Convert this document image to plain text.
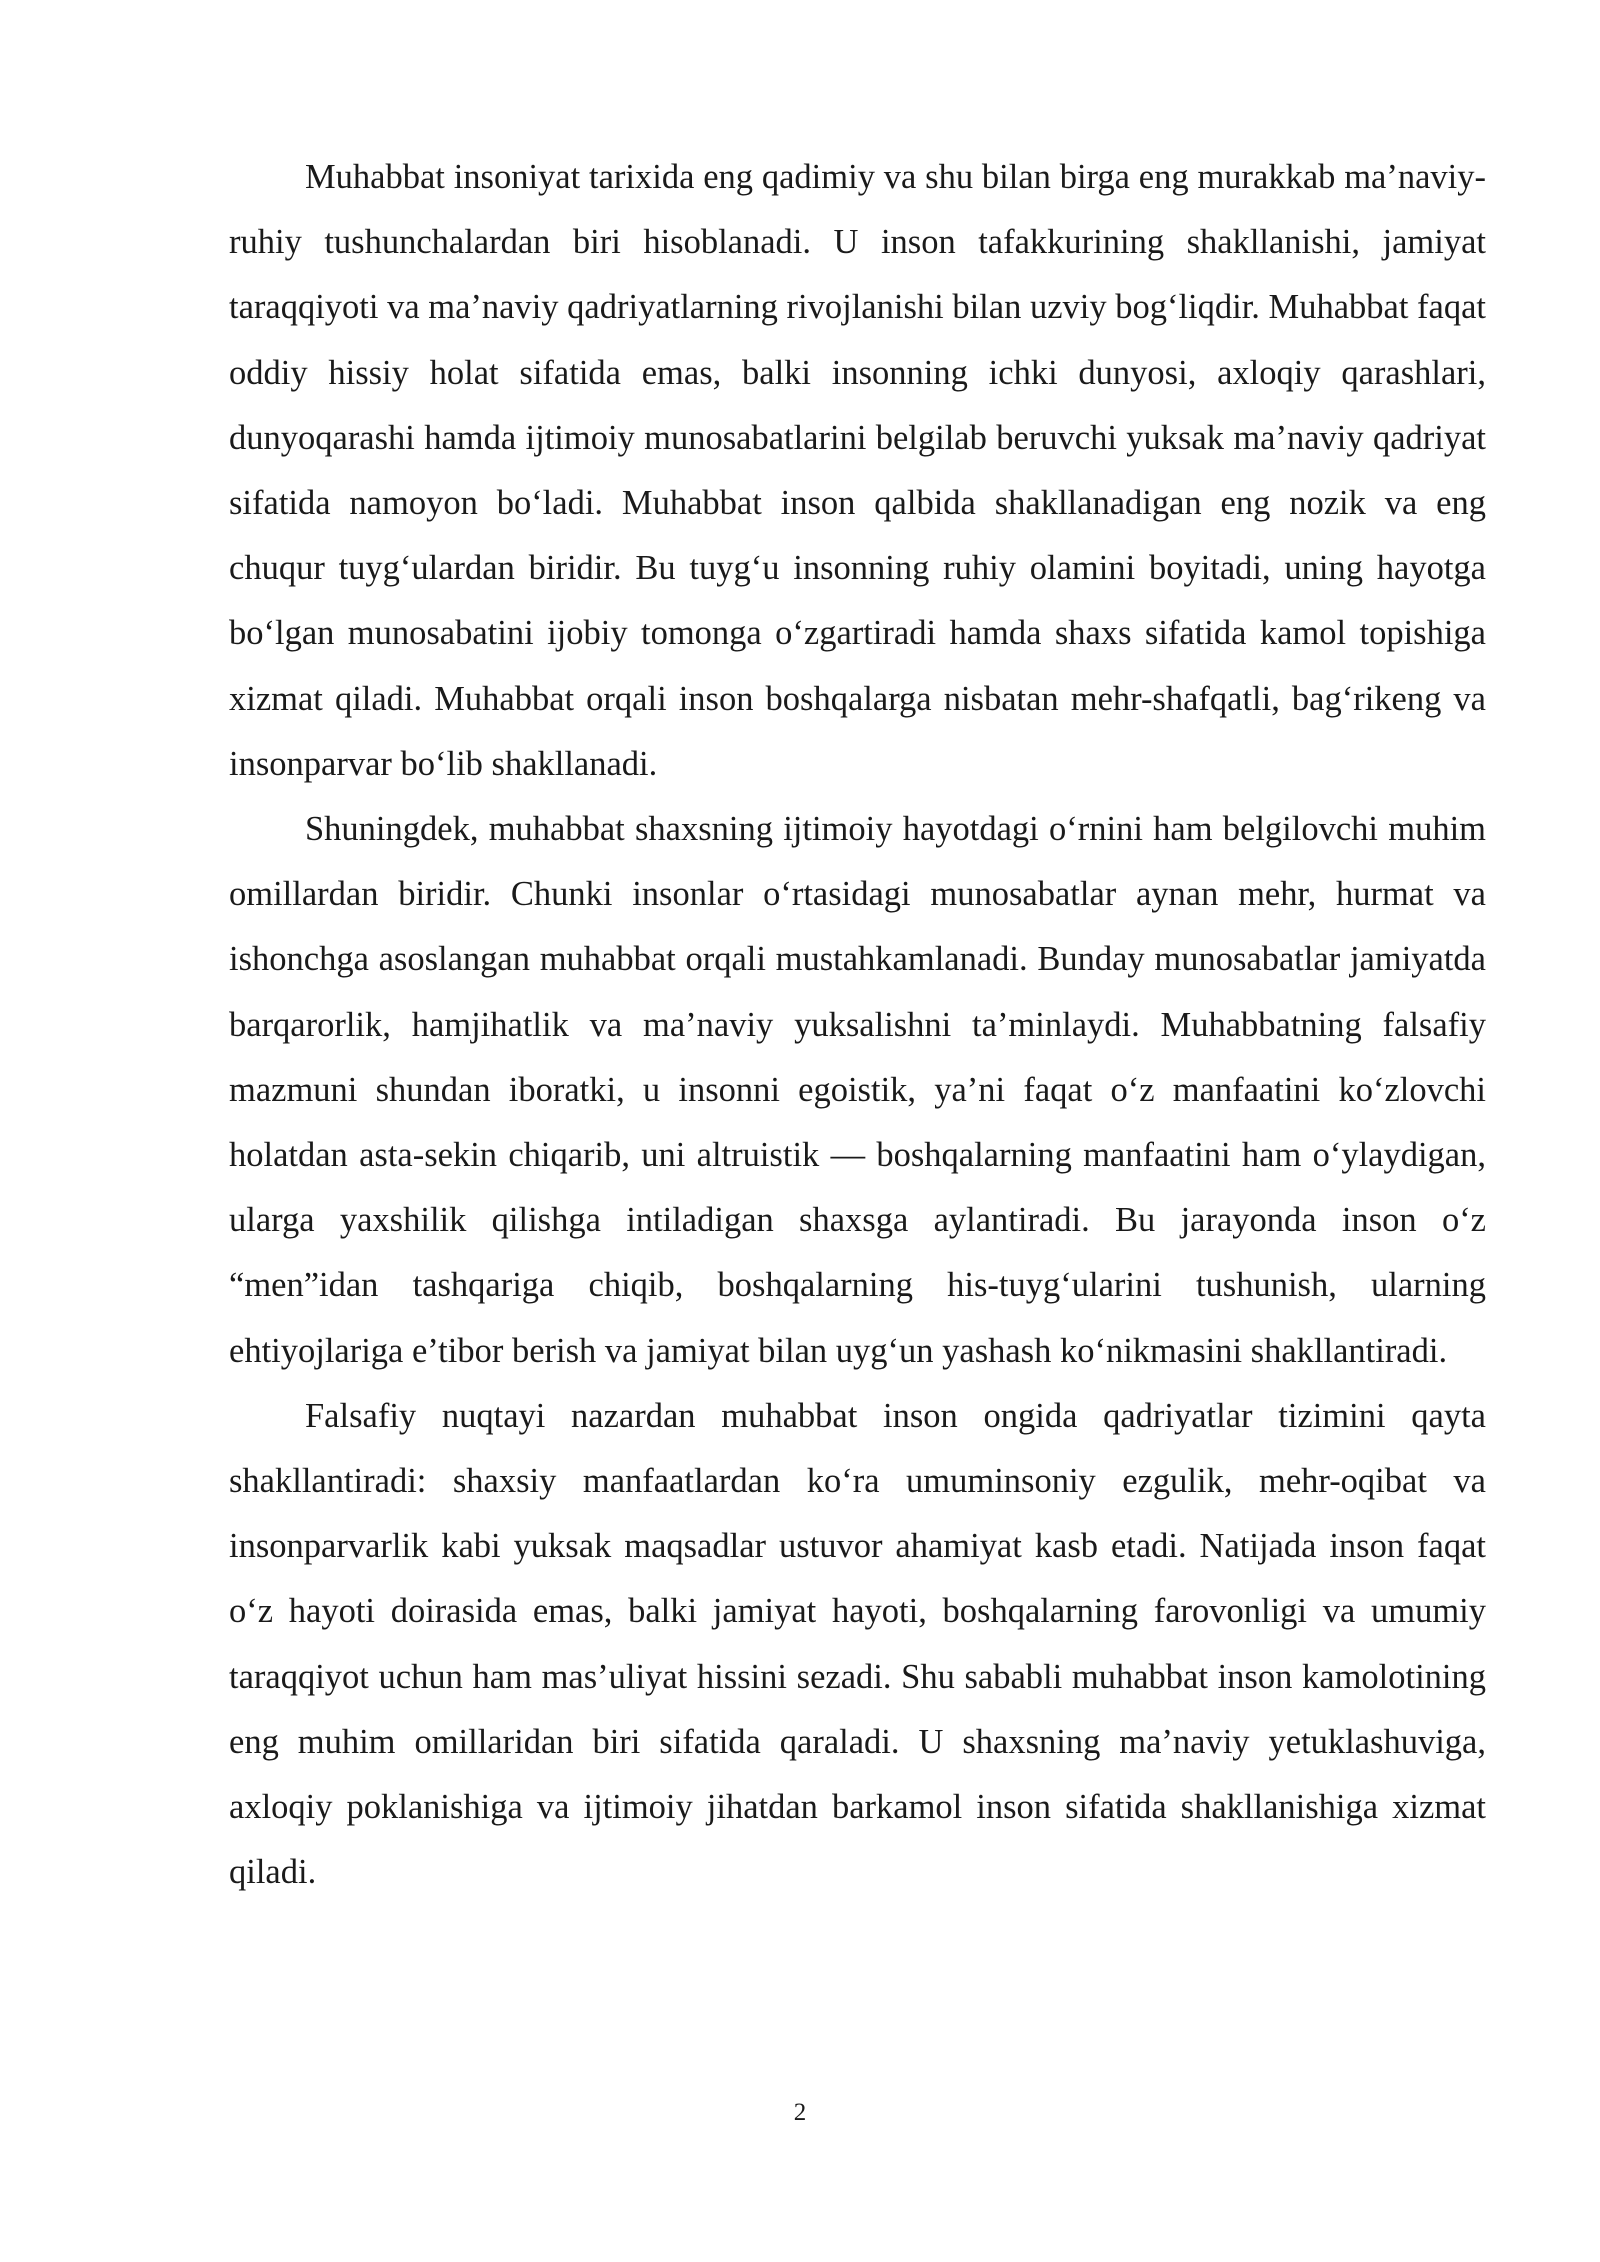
Muhabbat insoniyat tarixida eng qadimiy va shu bilan birga eng murakkab ma’naviy-ruhiy tushunchalardan biri hisoblanadi. U inson tafakkurining shakllanishi, jamiyat taraqqiyoti va ma’naviy qadriyatlarning rivojlanishi bilan uzviy bog‘liqdir. Muhabbat faqat oddiy hissiy holat sifatida emas, balki insonning ichki dunyosi, axloqiy qarashlari, dunyoqarashi hamda ijtimoiy munosabatlarini belgilab beruvchi yuksak ma’naviy qadriyat sifatida namoyon bo‘ladi. Muhabbat inson qalbida shakllanadigan eng nozik va eng chuqur tuyg‘ulardan biridir. Bu tuyg‘u insonning ruhiy olamini boyitadi, uning hayotga bo‘lgan munosabatini ijobiy tomonga o‘zgartiradi hamda shaxs sifatida kamol topishiga xizmat qiladi. Muhabbat orqali inson boshqalarga nisbatan mehr-shafqatli, bag‘rikeng va insonparvar bo‘lib shakllanadi.

Shuningdek, muhabbat shaxsning ijtimoiy hayotdagi o‘rnini ham belgilovchi muhim omillardan biridir. Chunki insonlar o‘rtasidagi munosabatlar aynan mehr, hurmat va ishonchga asoslangan muhabbat orqali mustahkamlanadi. Bunday munosabatlar jamiyatda barqarorlik, hamjihatlik va ma’naviy yuksalishni ta’minlaydi. Muhabbatning falsafiy mazmuni shundan iboratki, u insonni egoistik, ya’ni faqat o‘z manfaatini ko‘zlovchi holatdan asta-sekin chiqarib, uni altruistik — boshqalarning manfaatini ham o‘ylaydigan, ularga yaxshilik qilishga intiladigan shaxsga aylantiradi. Bu jarayonda inson o‘z “men”idan tashqariga chiqib, boshqalarning his-tuyg‘ularini tushunish, ularning ehtiyojlariga e’tibor berish va jamiyat bilan uyg‘un yashash ko‘nikmasini shakllantiradi.

Falsafiy nuqtayi nazardan muhabbat inson ongida qadriyatlar tizimini qayta shakllantiradi: shaxsiy manfaatlardan ko‘ra umuminsoniy ezgulik, mehr-oqibat va insonparvarlik kabi yuksak maqsadlar ustuvor ahamiyat kasb etadi. Natijada inson faqat o‘z hayoti doirasida emas, balki jamiyat hayoti, boshqalarning farovonligi va umumiy taraqqiyot uchun ham mas’uliyat hissini sezadi. Shu sababli muhabbat inson kamolotining eng muhim omillaridan biri sifatida qaraladi. U shaxsning ma’naviy yetuklashuviga, axloqiy poklanishiga va ijtimoiy jihatdan barkamol inson sifatida shakllanishiga xizmat qiladi.

2
